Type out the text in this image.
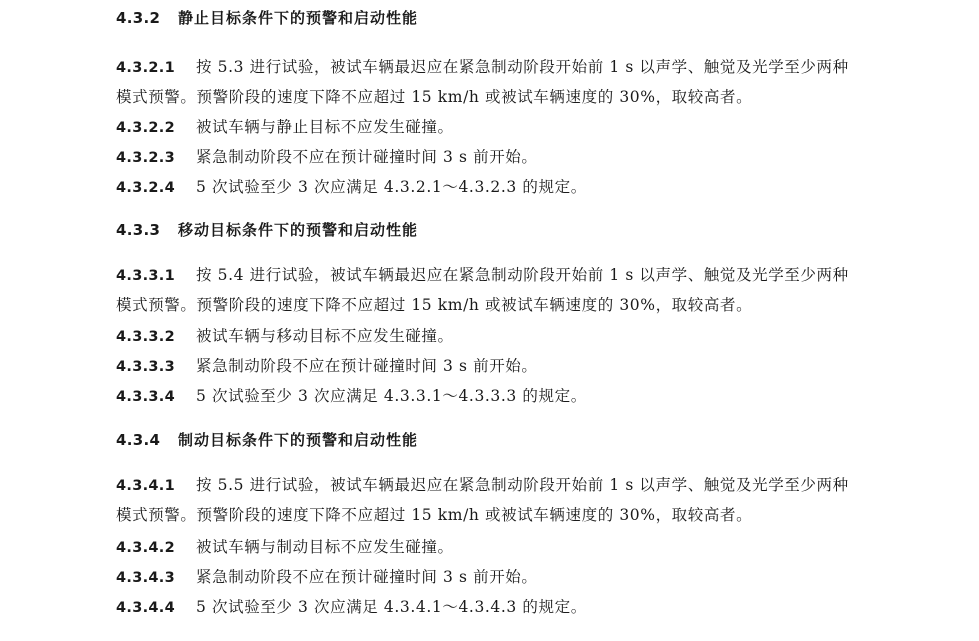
4.3.2 静止目标条件下的预警和启动性能
4.3.2.1 按 5.3 进行试验，被试车辆最迟应在紧急制动阶段开始前 1 s 以声学、触觉及光学至少两种
模式预警。预警阶段的速度下降不应超过 15 km/h 或被试车辆速度的 30%，取较高者。
4.3.2.2 被试车辆与静止目标不应发生碰撞。
4.3.2.3 紧急制动阶段不应在预计碰撞时间 3 s 前开始。
4.3.2.4 5 次试验至少 3 次应满足 4.3.2.1～4.3.2.3 的规定。
4.3.3 移动目标条件下的预警和启动性能
4.3.3.1 按 5.4 进行试验，被试车辆最迟应在紧急制动阶段开始前 1 s 以声学、触觉及光学至少两种
模式预警。预警阶段的速度下降不应超过 15 km/h 或被试车辆速度的 30%，取较高者。
4.3.3.2 被试车辆与移动目标不应发生碰撞。
4.3.3.3 紧急制动阶段不应在预计碰撞时间 3 s 前开始。
4.3.3.4 5 次试验至少 3 次应满足 4.3.3.1～4.3.3.3 的规定。
4.3.4 制动目标条件下的预警和启动性能
4.3.4.1 按 5.5 进行试验，被试车辆最迟应在紧急制动阶段开始前 1 s 以声学、触觉及光学至少两种
模式预警。预警阶段的速度下降不应超过 15 km/h 或被试车辆速度的 30%，取较高者。
4.3.4.2 被试车辆与制动目标不应发生碰撞。
4.3.4.3 紧急制动阶段不应在预计碰撞时间 3 s 前开始。
4.3.4.4 5 次试验至少 3 次应满足 4.3.4.1～4.3.4.3 的规定。
